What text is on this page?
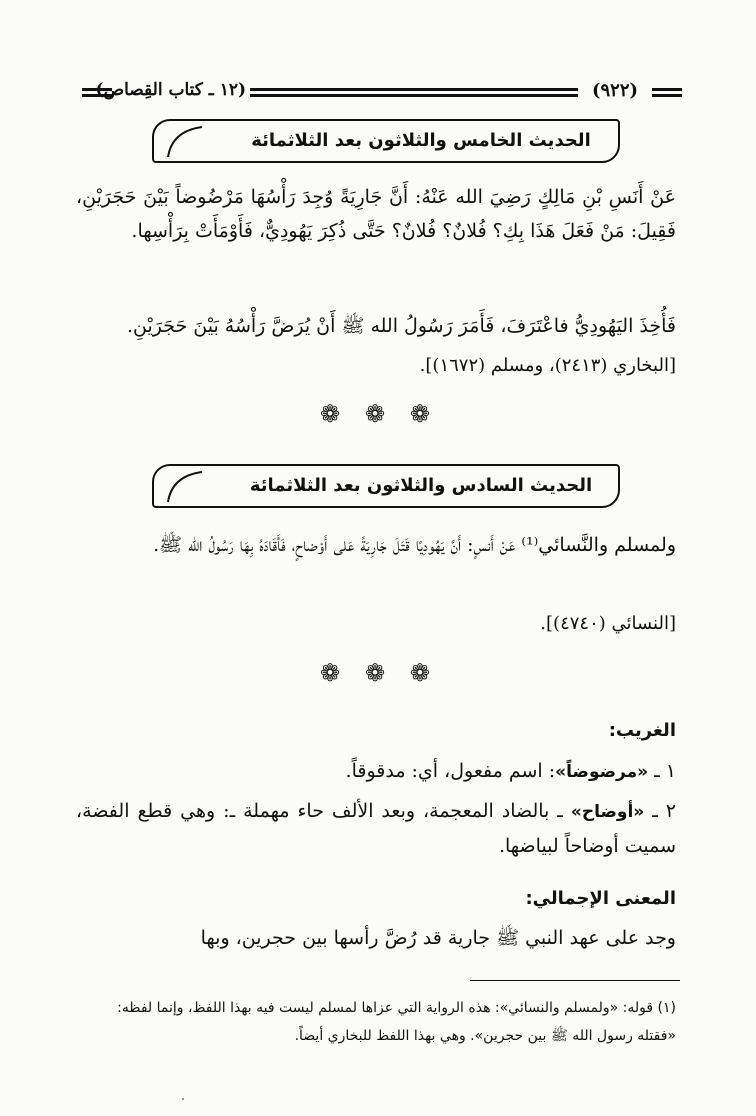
(١٢ ـ كتاب القِصاص)	(٩٢٢)
الحديث الخامس والثلاثون بعد الثلاثمائة
عَنْ أَنَسِ بْنِ مَالِكٍ رَضِيَ الله عَنْهُ: أَنَّ جَارِيَةً وُجِدَ رَأْسُهَا مَرْضُوضاً بَيْنَ حَجَرَيْنِ، فَقِيلَ: مَنْ فَعَلَ هَذَا بِكِ؟ فُلانٌ؟ فُلانٌ؟ حَتَّى ذُكِرَ يَهُودِيٌّ، فَأَوْمَأَتْ بِرَأْسِها.
فَأُخِذَ اليَهُودِيُّ فاعْتَرَفَ، فَأَمَرَ رَسُولُ الله ﷺ أَنْ يُرَضَّ رَأْسُهُ بَيْنَ حَجَرَيْنِ.
[البخاري (٢٤١٣)، ومسلم (١٦٧٢)].
❁ ❁ ❁
الحديث السادس والثلاثون بعد الثلاثمائة
ولمسلم والنَّسائي⁽¹⁾ عَنْ أَنسٍ: أَنَّ يَهُودِيًا قَتَلَ جَارِيَةً عَلى أَوْضاحٍ، فَأَقَادَهُ بِهَا رَسُولُ الله ﷺ.
[النسائي (٤٧٤٠)].
❁ ❁ ❁
الغريب:
١ ـ «مرضوضاً»: اسم مفعول، أي: مدقوقاً.
٢ ـ «أوضاح» ـ بالضاد المعجمة، وبعد الألف حاء مهملة ـ: وهي قطع الفضة، سميت أوضاحاً لبياضها.
المعنى الإجمالي:
وجد على عهد النبي ﷺ جارية قد رُضَّ رأسها بين حجرين، وبها
(١) قوله: «ولمسلم والنسائي»: هذه الرواية التي عزاها لمسلم ليست فيه بهذا اللفظ، وإنما لفظه: «فقتله رسول الله ﷺ بين حجرين». وهي بهذا اللفظ للبخاري أيضاً.
